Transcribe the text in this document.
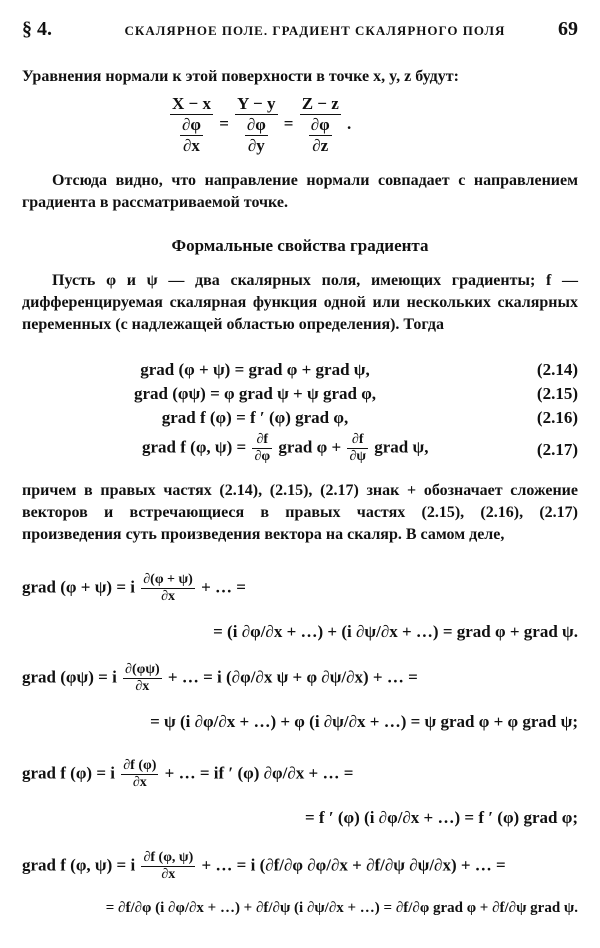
§ 4.	СКАЛЯРНОЕ ПОЛЕ. ГРАДИЕНТ СКАЛЯРНОГО ПОЛЯ	69
Уравнения нормали к этой поверхности в точке x, y, z будут:
$\frac{X - x}{\frac{\partial\varphi}{\partial x}} = \frac{Y - y}{\frac{\partial\varphi}{\partial y}} = \frac{Z - z}{\frac{\partial\varphi}{\partial z}}$ .
Отсюда видно, что направление нормали совпадает с направлением градиента в рассматриваемой точке.
Формальные свойства градиента
Пусть φ и ψ — два скалярных поля, имеющих градиенты; f — дифференцируемая скалярная функция одной или нескольких скалярных переменных (с надлежащей областью определения). Тогда
grad (φ + ψ) = grad φ + grad ψ,	(2.14)
grad (φψ) = φ grad ψ + ψ grad φ,	(2.15)
grad f (φ) = f ′ (φ) grad φ,	(2.16)
grad f (φ, $\psi) = \frac{\partial f}{\partial\varphi}$ grad $\varphi + \frac{\partial f}{\partial\psi}$ grad ψ,	(2.17)
причем в правых частях (2.14), (2.15), (2.17) знак + обозначает сложение векторов и встречающиеся в правых частях (2.15), (2.16), (2.17) произведения суть произведения вектора на скаляр. В самом деле,
grad (φ + ψ) = i $\frac{\partial(\varphi + \psi)}{\partial x}$ + … =
= (i ∂φ/∂x + …) + (i ∂ψ/∂x + …) = grad φ + grad ψ.
grad (φψ) = i $\frac{\partial(\varphi\psi)}{\partial x}$ + … = i (∂φ/∂x ψ + φ ∂ψ/∂x) + … =
= ψ (i ∂φ/∂x + …) + φ (i ∂ψ/∂x + …) = ψ grad φ + φ grad ψ;
grad f (φ) = i $\frac{\partial f (\varphi)}{\partial x}$ + … = if ′ (φ) ∂φ/∂x + … =
= f ′ (φ) (i ∂φ/∂x + …) = f ′ (φ) grad φ;
grad f (φ, ψ) = i $\frac{\partial f (\varphi, \psi)}{\partial x}$ + … = i (∂f/∂φ ∂φ/∂x + ∂f/∂ψ ∂ψ/∂x) + … =
= ∂f/∂φ (i ∂φ/∂x + …) + ∂f/∂ψ (i ∂ψ/∂x + …) = ∂f/∂φ grad φ + ∂f/∂ψ grad ψ.
